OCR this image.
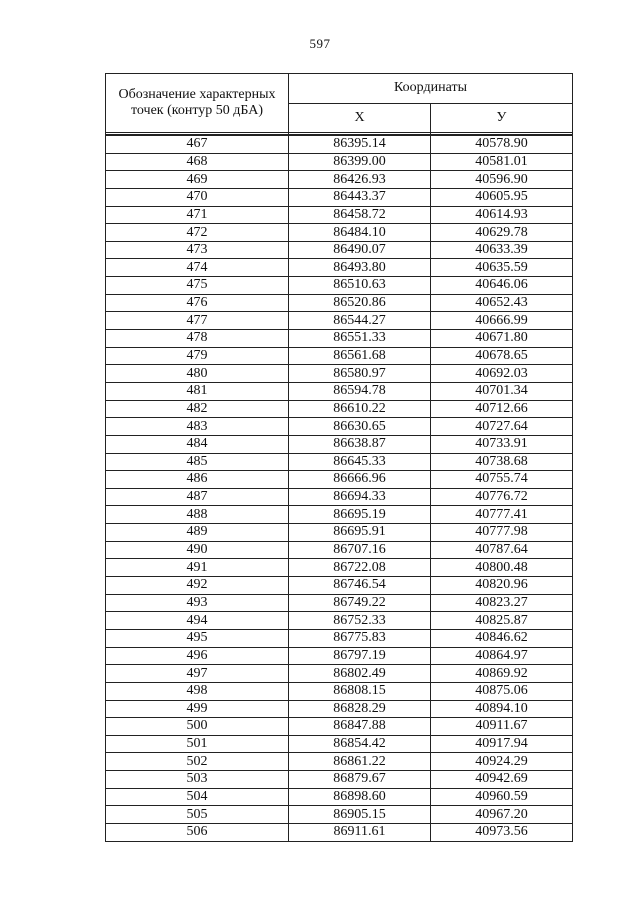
597
Обозначение характерных точек (контур 50 дБА)	Координаты	
	X	У

467	86395.14	40578.90
468	86399.00	40581.01
469	86426.93	40596.90
470	86443.37	40605.95
471	86458.72	40614.93
472	86484.10	40629.78
473	86490.07	40633.39
474	86493.80	40635.59
475	86510.63	40646.06
476	86520.86	40652.43
477	86544.27	40666.99
478	86551.33	40671.80
479	86561.68	40678.65
480	86580.97	40692.03
481	86594.78	40701.34
482	86610.22	40712.66
483	86630.65	40727.64
484	86638.87	40733.91
485	86645.33	40738.68
486	86666.96	40755.74
487	86694.33	40776.72
488	86695.19	40777.41
489	86695.91	40777.98
490	86707.16	40787.64
491	86722.08	40800.48
492	86746.54	40820.96
493	86749.22	40823.27
494	86752.33	40825.87
495	86775.83	40846.62
496	86797.19	40864.97
497	86802.49	40869.92
498	86808.15	40875.06
499	86828.29	40894.10
500	86847.88	40911.67
501	86854.42	40917.94
502	86861.22	40924.29
503	86879.67	40942.69
504	86898.60	40960.59
505	86905.15	40967.20
506	86911.61	40973.56
